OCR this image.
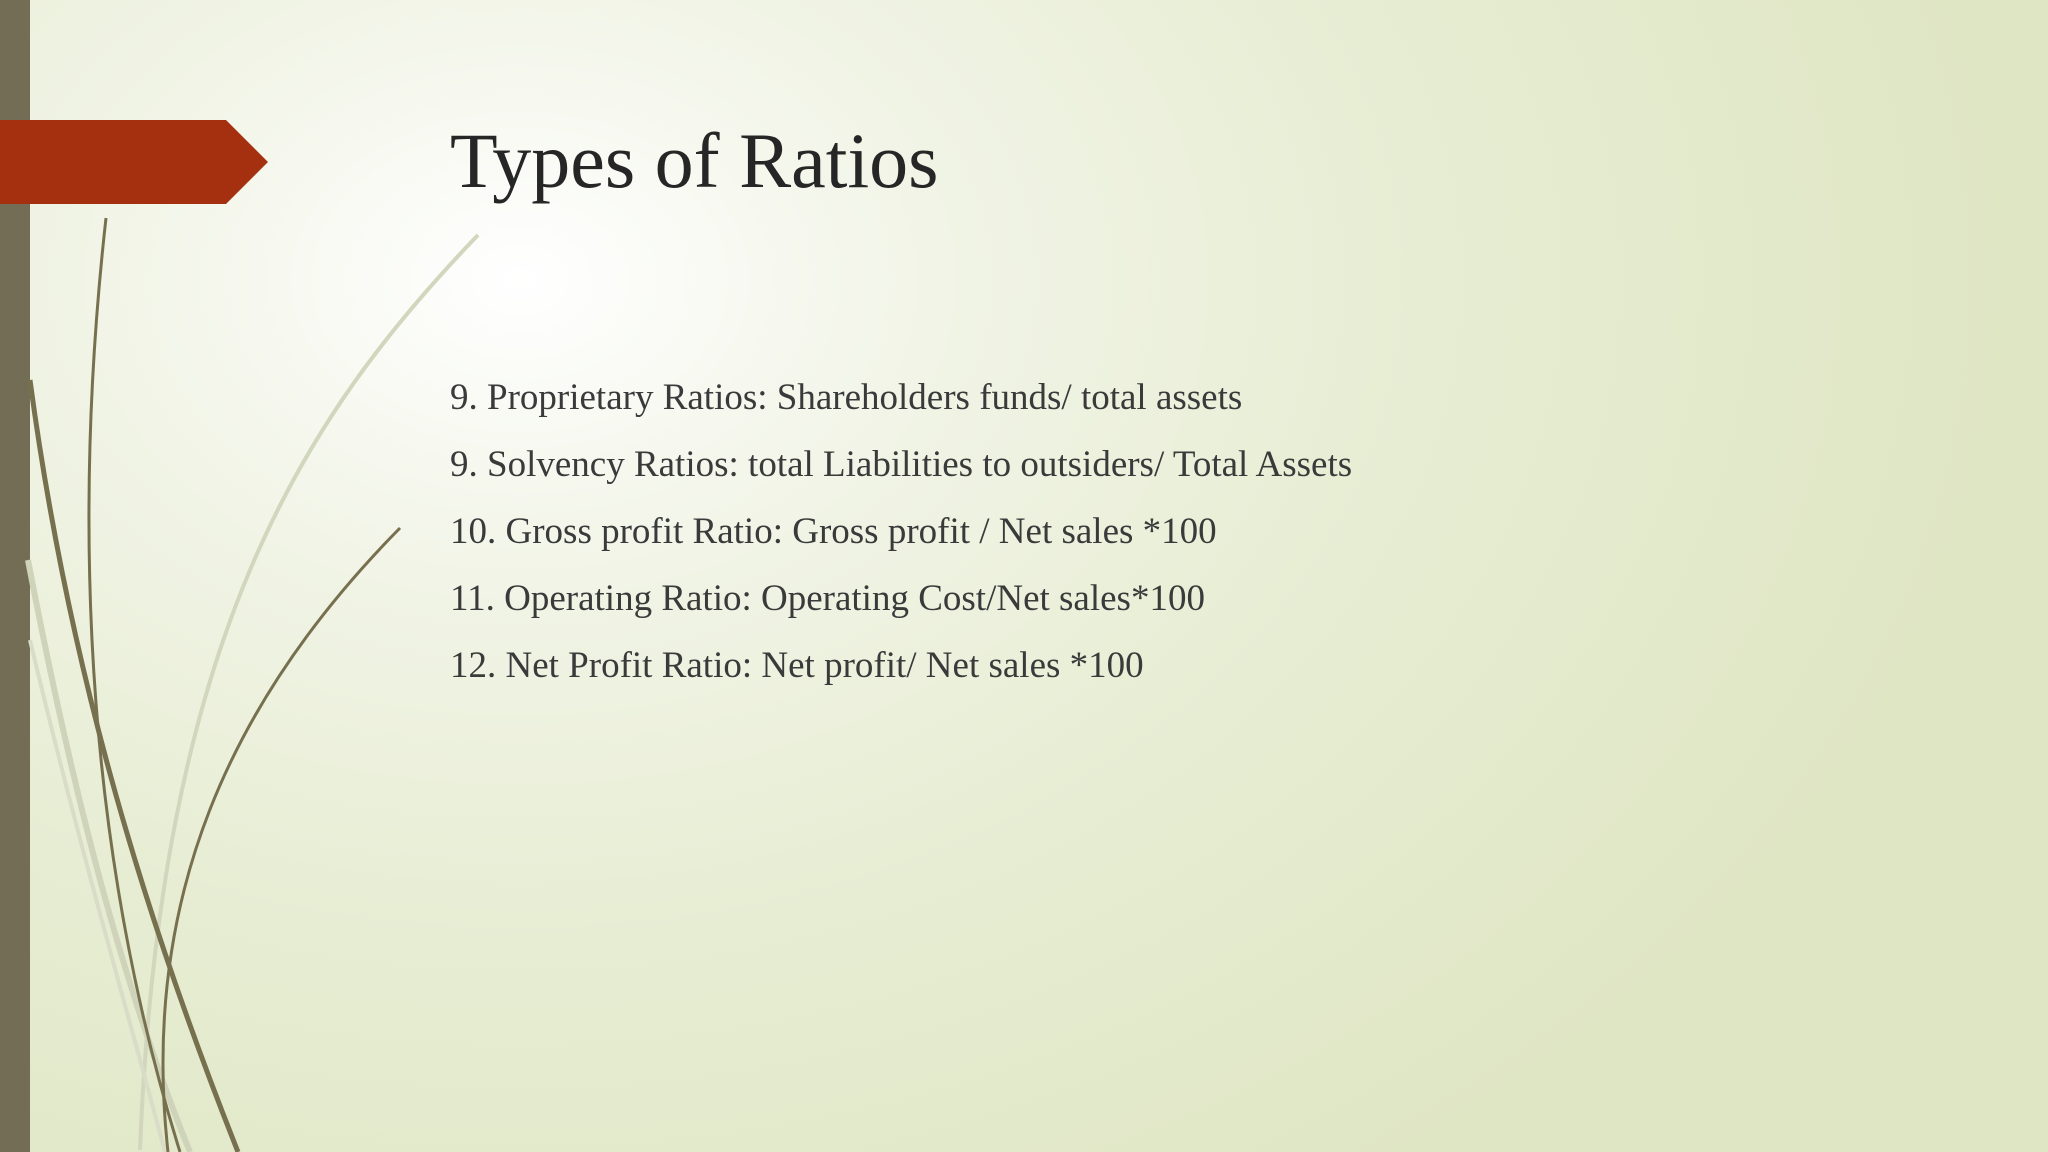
Types of Ratios
9. Proprietary Ratios: Shareholders funds/ total assets
9. Solvency Ratios: total Liabilities to outsiders/ Total Assets
10. Gross profit Ratio: Gross profit / Net sales *100
11. Operating Ratio: Operating Cost/Net sales*100
12. Net Profit Ratio: Net profit/ Net sales *100
